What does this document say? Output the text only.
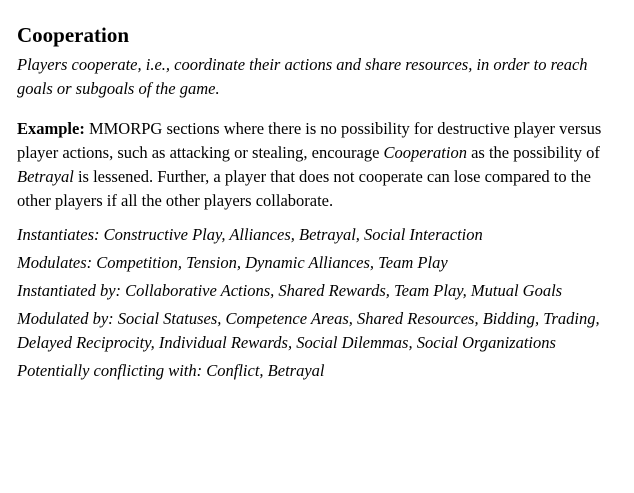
Cooperation
Players cooperate, i.e., coordinate their actions and share resources, in order to reach goals or subgoals of the game.
Example: MMORPG sections where there is no possibility for destructive player versus player actions, such as attacking or stealing, encourage Cooperation as the possibility of Betrayal is lessened. Further, a player that does not cooperate can lose compared to the other players if all the other players collaborate.
Instantiates: Constructive Play, Alliances, Betrayal, Social Interaction
Modulates: Competition, Tension, Dynamic Alliances, Team Play
Instantiated by: Collaborative Actions, Shared Rewards, Team Play, Mutual Goals
Modulated by: Social Statuses, Competence Areas, Shared Resources, Bidding, Trading, Delayed Reciprocity, Individual Rewards, Social Dilemmas, Social Organizations
Potentially conflicting with: Conflict, Betrayal
